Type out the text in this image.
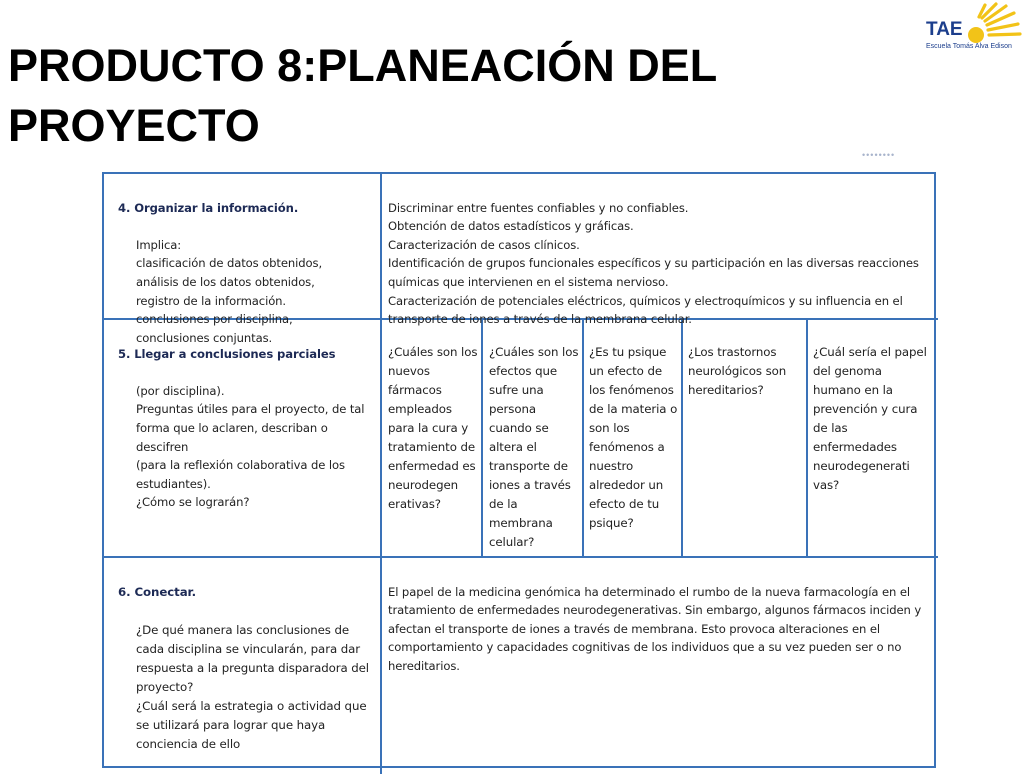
PRODUCTO 8:PLANEACIÓN DEL PROYECTO
TAE
Escuela Tomás Alva Edison
••••••••

4. Organizar la información.

Implica:
clasificación de datos obtenidos,
análisis de los datos obtenidos,
registro de la información.
conclusiones por disciplina,
conclusiones conjuntas.

Discriminar entre fuentes confiables y no confiables.
Obtención de datos estadísticos y gráficas.
Caracterización de casos clínicos.
Identificación de grupos funcionales específicos y su participación en las diversas reacciones químicas que intervienen en el sistema nervioso.
Caracterización de potenciales eléctricos, químicos y electroquímicos y su influencia en el transporte de iones a través de la membrana celular.

5. Llegar a conclusiones parciales

(por disciplina).
Preguntas útiles para el proyecto, de tal forma que lo aclaren, describan o descifren
(para la reflexión colaborativa de los estudiantes).
¿Cómo se lograrán?

¿Cuáles son los nuevos fármacos empleados para la cura y tratamiento de enfermedad es neurodegen erativas?

¿Cuáles son los efectos que sufre una persona cuando se altera el transporte de iones a través de la membrana celular?

¿Es tu psique un efecto de los fenómenos de la materia o son los fenómenos a nuestro alrededor un efecto de tu psique?

¿Los trastornos neurológicos son hereditarios?

¿Cuál sería el papel del genoma humano en la prevención y cura de las enfermedades neurodegenerati vas?

6. Conectar.

¿De qué manera las conclusiones de cada disciplina se vincularán, para dar respuesta a la pregunta disparadora del proyecto?
¿Cuál será la estrategia o actividad que se utilizará para lograr que haya conciencia de ello

El papel de la medicina genómica ha determinado el rumbo de la nueva farmacología en el tratamiento de enfermedades neurodegenerativas. Sin embargo, algunos fármacos inciden y afectan el transporte de iones a través de membrana. Esto provoca alteraciones en el comportamiento y capacidades cognitivas de los individuos que a su vez pueden ser o no hereditarios.
